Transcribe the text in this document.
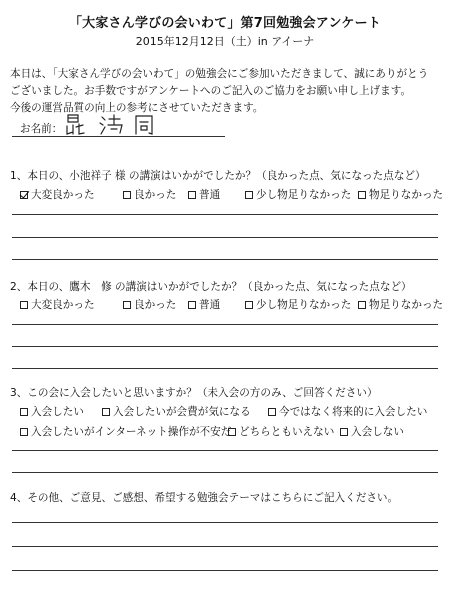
「大家さん学びの会いわて」第7回勉強会アンケート
2015年12月12日（土）in アイーナ
本日は、「大家さん学びの会いわて」の勉強会にご参加いただきまして、誠にありがとう
ございました。お手数ですがアンケートへのご記入のご協力をお願い申し上げます。
今後の運営品質の向上の参考にさせていただきます。
お名前：
1、本日の、小池祥子 様 の講演はいかがでしたか？（良かった点、気になった点など）
大変良かった	良かった 普通	少し物足りなかった 物足りなかった
2、本日の、鷹木　修 の講演はいかがでしたか？（良かった点、気になった点など）
大変良かった	良かった 普通	少し物足りなかった 物足りなかった
3、この会に入会したいと思いますか？（未入会の方のみ、ご回答ください）
入会したい	入会したいが会費が気になる	今ではなく将来的に入会したい
入会したいがインターネット操作が不安だ どちらともいえない 入会しない
4、その他、ご意見、ご感想、希望する勉強会テーマはこちらにご記入ください。
